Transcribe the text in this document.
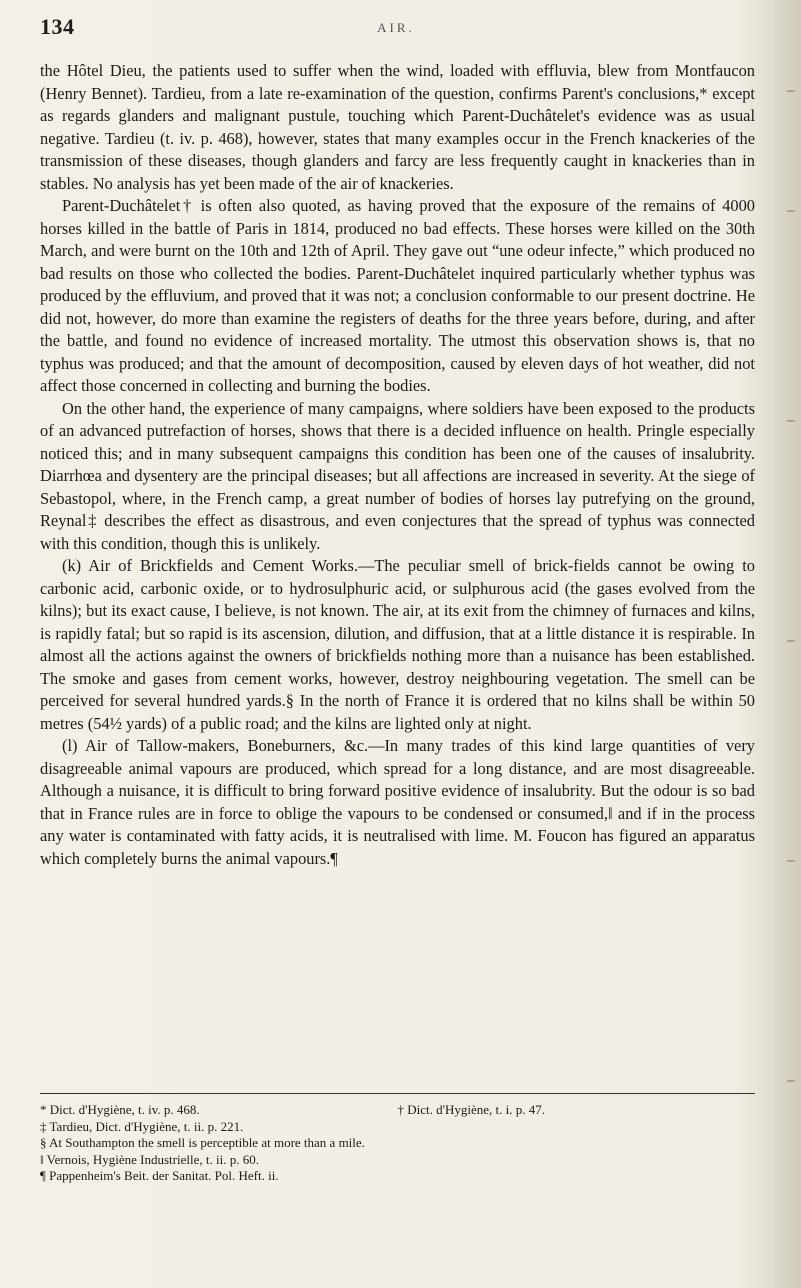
134	AIR.

the Hôtel Dieu, the patients used to suffer when the wind, loaded with effluvia, blew from Montfaucon (Henry Bennet). Tardieu, from a late re-examination of the question, confirms Parent's conclusions,* except as regards glanders and malignant pustule, touching which Parent-Duchâtelet's evidence was as usual negative. Tardieu (t. iv. p. 468), however, states that many examples occur in the French knackeries of the transmission of these diseases, though glanders and farcy are less frequently caught in knackeries than in stables. No analysis has yet been made of the air of knackeries.

Parent-Duchâtelet† is often also quoted, as having proved that the exposure of the remains of 4000 horses killed in the battle of Paris in 1814, produced no bad effects. These horses were killed on the 30th March, and were burnt on the 10th and 12th of April. They gave out “une odeur infecte,” which produced no bad results on those who collected the bodies. Parent-Duchâtelet inquired particularly whether typhus was produced by the effluvium, and proved that it was not; a conclusion conformable to our present doctrine. He did not, however, do more than examine the registers of deaths for the three years before, during, and after the battle, and found no evidence of increased mortality. The utmost this observation shows is, that no typhus was produced; and that the amount of decomposition, caused by eleven days of hot weather, did not affect those concerned in collecting and burning the bodies.

On the other hand, the experience of many campaigns, where soldiers have been exposed to the products of an advanced putrefaction of horses, shows that there is a decided influence on health. Pringle especially noticed this; and in many subsequent campaigns this condition has been one of the causes of insalubrity. Diarrhœa and dysentery are the principal diseases; but all affections are increased in severity. At the siege of Sebastopol, where, in the French camp, a great number of bodies of horses lay putrefying on the ground, Reynal‡ describes the effect as disastrous, and even conjectures that the spread of typhus was connected with this condition, though this is unlikely.

(k) Air of Brickfields and Cement Works.—The peculiar smell of brick-fields cannot be owing to carbonic acid, carbonic oxide, or to hydrosulphuric acid, or sulphurous acid (the gases evolved from the kilns); but its exact cause, I believe, is not known. The air, at its exit from the chimney of furnaces and kilns, is rapidly fatal; but so rapid is its ascension, dilution, and diffusion, that at a little distance it is respirable. In almost all the actions against the owners of brickfields nothing more than a nuisance has been established. The smoke and gases from cement works, however, destroy neighbouring vegetation. The smell can be perceived for several hundred yards.§ In the north of France it is ordered that no kilns shall be within 50 metres (54½ yards) of a public road; and the kilns are lighted only at night.

(l) Air of Tallow-makers, Boneburners, &c.—In many trades of this kind large quantities of very disagreeable animal vapours are produced, which spread for a long distance, and are most disagreeable. Although a nuisance, it is difficult to bring forward positive evidence of insalubrity. But the odour is so bad that in France rules are in force to oblige the vapours to be condensed or consumed,‖ and if in the process any water is contaminated with fatty acids, it is neutralised with lime. M. Foucon has figured an apparatus which completely burns the animal vapours.¶

* Dict. d'Hygiène, t. iv. p. 468.	† Dict. d'Hygiène, t. i. p. 47.
‡ Tardieu, Dict. d'Hygiène, t. ii. p. 221.
§ At Southampton the smell is perceptible at more than a mile.
‖ Vernois, Hygiène Industrielle, t. ii. p. 60.
¶ Pappenheim's Beit. der Sanitat. Pol. Heft. ii.
